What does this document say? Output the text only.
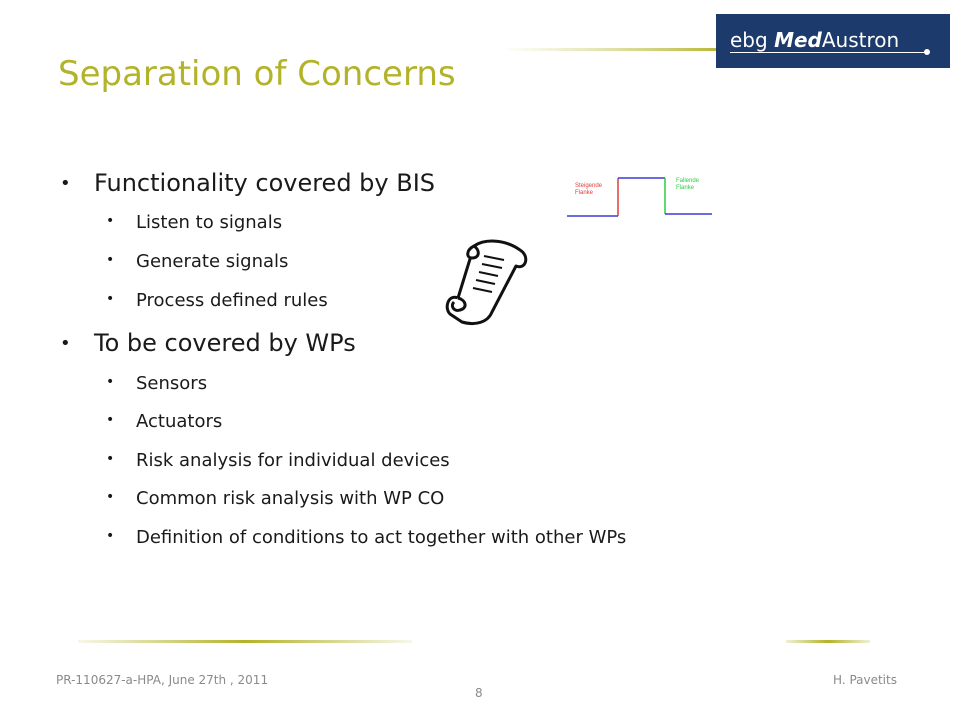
ebg MedAustron
Separation of Concerns
• Functionality covered by BIS
• Listen to signals
• Generate signals
• Process defined rules
• To be covered by WPs
• Sensors
• Actuators
• Risk analysis for individual devices
• Common risk analysis with WP CO
• Definition of conditions to act together with other WPs
Steigende
Flanke
Fallende
Flanke
PR-110627-a-HPA, June 27th , 2011
8
H. Pavetits
